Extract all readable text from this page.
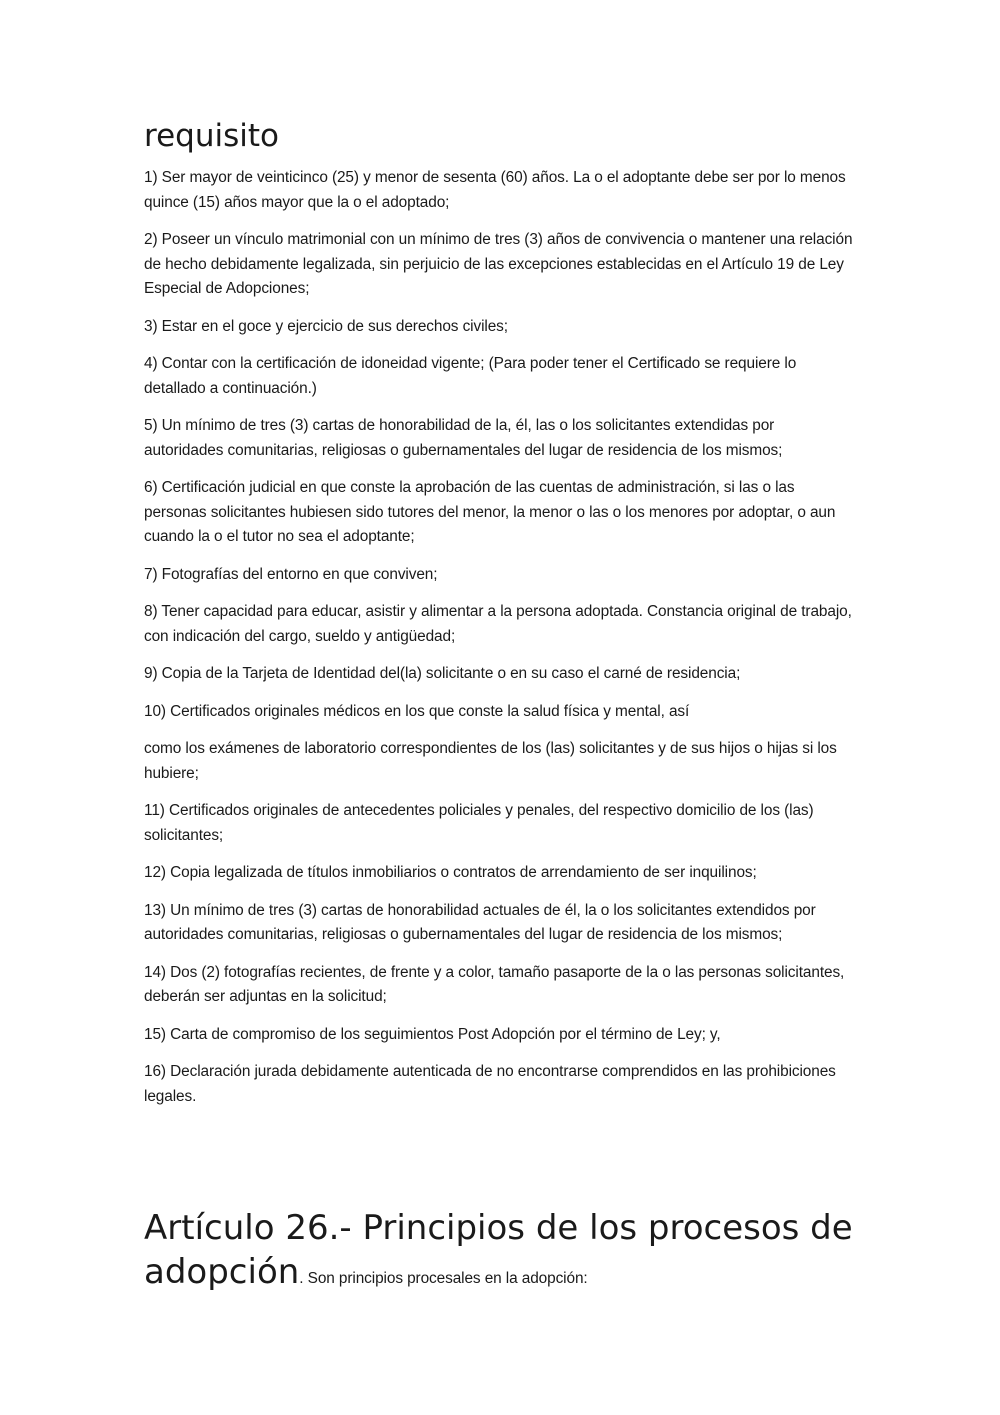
requisito

1) Ser mayor de veinticinco (25) y menor de sesenta (60) años. La o el adoptante debe ser por lo menos quince (15) años mayor que la o el adoptado;

2) Poseer un vínculo matrimonial con un mínimo de tres (3) años de convivencia o mantener una relación de hecho debidamente legalizada, sin perjuicio de las excepciones establecidas en el Artículo 19 de Ley Especial de Adopciones;

3) Estar en el goce y ejercicio de sus derechos civiles;

4) Contar con la certificación de idoneidad vigente; (Para poder tener el Certificado se requiere lo detallado a continuación.)

5) Un mínimo de tres (3) cartas de honorabilidad de la, él, las o los solicitantes extendidas por autoridades comunitarias, religiosas o gubernamentales del lugar de residencia de los mismos;

6) Certificación judicial en que conste la aprobación de las cuentas de administración, si las o las personas solicitantes hubiesen sido tutores del menor, la menor o las o los menores por adoptar, o aun cuando la o el tutor no sea el adoptante;

7) Fotografías del entorno en que conviven;

8) Tener capacidad para educar, asistir y alimentar a la persona adoptada. Constancia original de trabajo, con indicación del cargo, sueldo y antigüedad;

9) Copia de la Tarjeta de Identidad del(la) solicitante o en su caso el carné de residencia;

10) Certificados originales médicos en los que conste la salud física y mental, así

como los exámenes de laboratorio correspondientes de los (las) solicitantes y de sus hijos o hijas si los hubiere;

11) Certificados originales de antecedentes policiales y penales, del respectivo domicilio de los (las) solicitantes;

12) Copia legalizada de títulos inmobiliarios o contratos de arrendamiento de ser inquilinos;

13) Un mínimo de tres (3) cartas de honorabilidad actuales de él, la o los solicitantes extendidos por autoridades comunitarias, religiosas o gubernamentales del lugar de residencia de los mismos;

14) Dos (2) fotografías recientes, de frente y a color, tamaño pasaporte de la o las personas solicitantes, deberán ser adjuntas en la solicitud;

15) Carta de compromiso de los seguimientos Post Adopción por el término de Ley; y,

16) Declaración jurada debidamente autenticada de no encontrarse comprendidos en las prohibiciones legales.

Artículo 26.- Principios de los procesos de adopción. Son principios procesales en la adopción:
